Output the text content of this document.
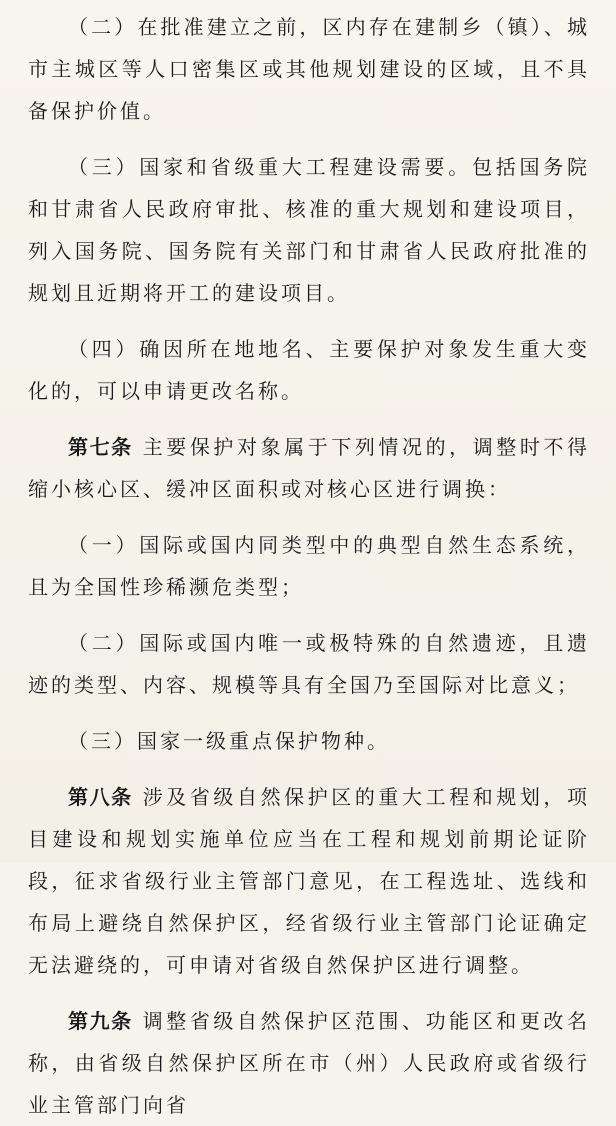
（二）在批准建立之前，区内存在建制乡（镇）、城市主城区等人口密集区或其他规划建设的区域，且不具备保护价值。

（三）国家和省级重大工程建设需要。包括国务院和甘肃省人民政府审批、核准的重大规划和建设项目，列入国务院、国务院有关部门和甘肃省人民政府批准的规划且近期将开工的建设项目。

（四）确因所在地地名、主要保护对象发生重大变化的，可以申请更改名称。

第七条 主要保护对象属于下列情况的，调整时不得缩小核心区、缓冲区面积或对核心区进行调换：

（一）国际或国内同类型中的典型自然生态系统，且为全国性珍稀濒危类型；

（二）国际或国内唯一或极特殊的自然遗迹，且遗迹的类型、内容、规模等具有全国乃至国际对比意义；

（三）国家一级重点保护物种。

第八条 涉及省级自然保护区的重大工程和规划，项目建设和规划实施单位应当在工程和规划前期论证阶段，征求省级行业主管部门意见，在工程选址、选线和布局上避绕自然保护区，经省级行业主管部门论证确定无法避绕的，可申请对省级自然保护区进行调整。

第九条 调整省级自然保护区范围、功能区和更改名称，由省级自然保护区所在市（州）人民政府或省级行业主管部门向省
